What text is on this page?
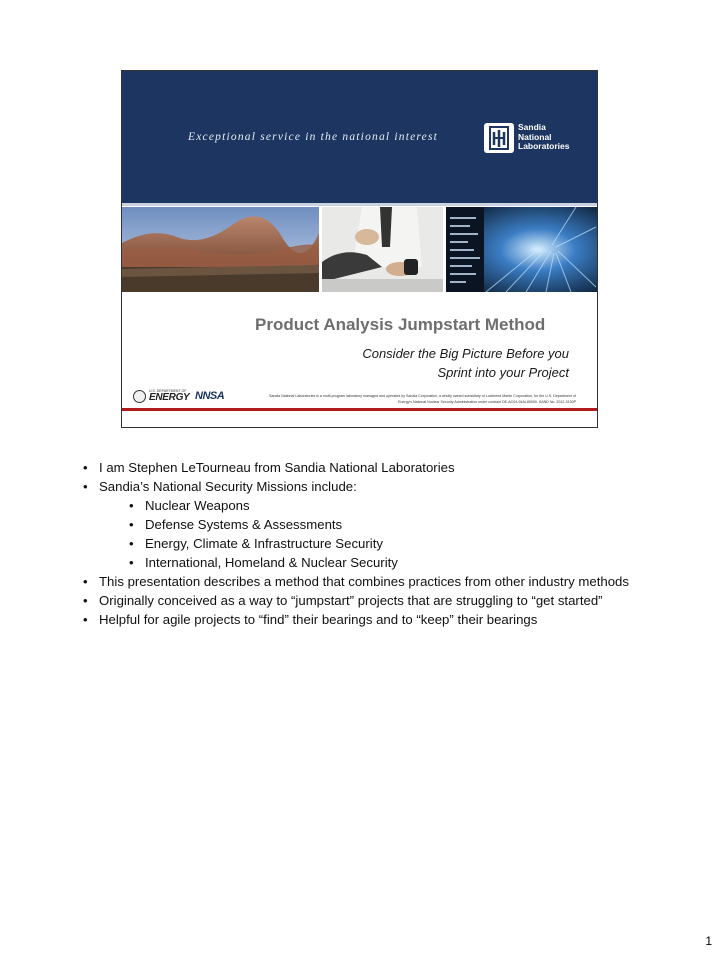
Exceptional service in the national interest
Sandia
National
Laboratories
Product Analysis Jumpstart Method
Consider the Big Picture Before you
Sprint into your Project
U.S. DEPARTMENT OF
ENERGY NNSA	Sandia National Laboratories is a multi-program laboratory managed and operated by Sandia Corporation, a wholly owned subsidiary of Lockheed Martin Corporation, for the U.S. Department of Energy's National Nuclear Security Administration under contract DE-AC04-94AL85000. SAND No. 2012-3130P
• I am Stephen LeTourneau from Sandia National Laboratories
• Sandia’s National Security Missions include:
• Nuclear Weapons
• Defense Systems & Assessments
• Energy, Climate & Infrastructure Security
• International, Homeland & Nuclear Security
• This presentation describes a method that combines practices from other industry methods
• Originally conceived as a way to “jumpstart” projects that are struggling to “get started”
• Helpful for agile projects to “find” their bearings and to “keep” their bearings
1
